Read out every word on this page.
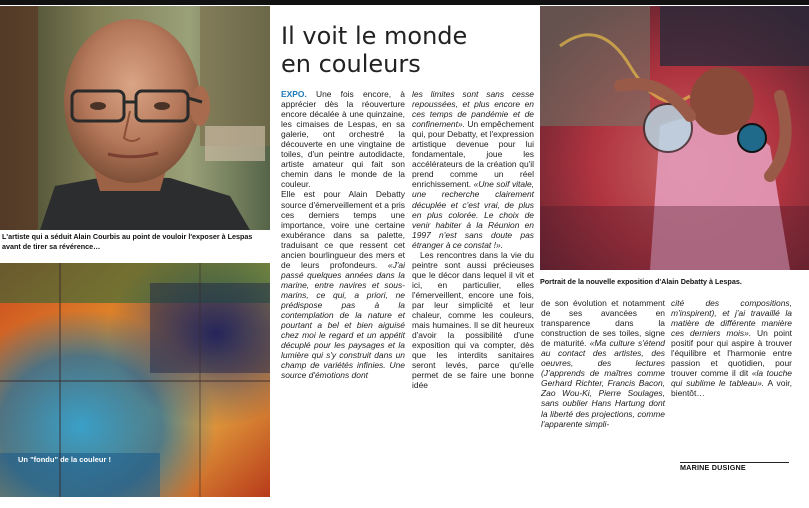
L'artiste qui a séduit Alain Courbis au point de vouloir l'exposer à Lespas avant de tirer sa révérence…
Un "fondu" de la couleur !
Portrait de la nouvelle exposition d'Alain Debatty à Lespas.
Il voit le monde
en couleurs

EXPO. Une fois encore, à apprécier dès la réouverture encore décalée à une quinzaine, les cimaises de Lespas, en sa galerie, ont orchestré la découverte en une vingtaine de toiles, d'un peintre autodidacte, artiste amateur qui fait son chemin dans le monde de la couleur.

Elle est pour Alain Debatty source d'émerveillement et a pris ces derniers temps une importance, voire une certaine exubérance dans sa palette, traduisant ce que ressent cet ancien bourlingueur des mers et de leurs profondeurs. «J'ai passé quelques années dans la marine, entre navires et sous-marins, ce qui, a priori, ne prédispose pas à la contemplation de la nature et pourtant a bel et bien aiguisé chez moi le regard et un appétit décuplé pour les paysages et la lumière qui s'y construit dans un champ de variétés infinies. Une source d'émotions dont

les limites sont sans cesse repoussées, et plus encore en ces temps de pandémie et de confinement». Un empêchement qui, pour Debatty, et l'expression artistique devenue pour lui fondamentale, joue les accélérateurs de la création qu'il prend comme un réel enrichissement. «Une soif vitale, une recherche clairement décuplée et c'est vrai, de plus en plus colorée. Le choix de venir habiter à la Réunion en 1997 n'est sans doute pas étranger à ce constat !».

Les rencontres dans la vie du peintre sont aussi précieuses que le décor dans lequel il vit et ici, en particulier, elles l'émerveillent, encore une fois, par leur simplicité et leur chaleur, comme les couleurs, mais humaines. Il se dit heureux d'avoir la possibilité d'une exposition qui va compter, dès que les interdits sanitaires seront levés, parce qu'elle permet de se faire une bonne idée

de son évolution et notamment de ses avancées en transparence dans la construction de ses toiles, signe de maturité. «Ma culture s'étend au contact des artistes, des oeuvres, des lectures (J'apprends de maîtres comme Gerhard Richter, Francis Bacon, Zao Wou-Ki, Pierre Soulages, sans oublier Hans Hartung dont la liberté des projections, comme l'apparente simpli-

cité des compositions, m'inspirent), et j'ai travaillé la matière de différente manière ces derniers mois». Un point positif pour qui aspire à trouver l'équilibre et l'harmonie entre passion et quotidien, pour trouver comme il dit «la touche qui sublime le tableau». A voir, bientôt…

MARINE DUSIGNE
